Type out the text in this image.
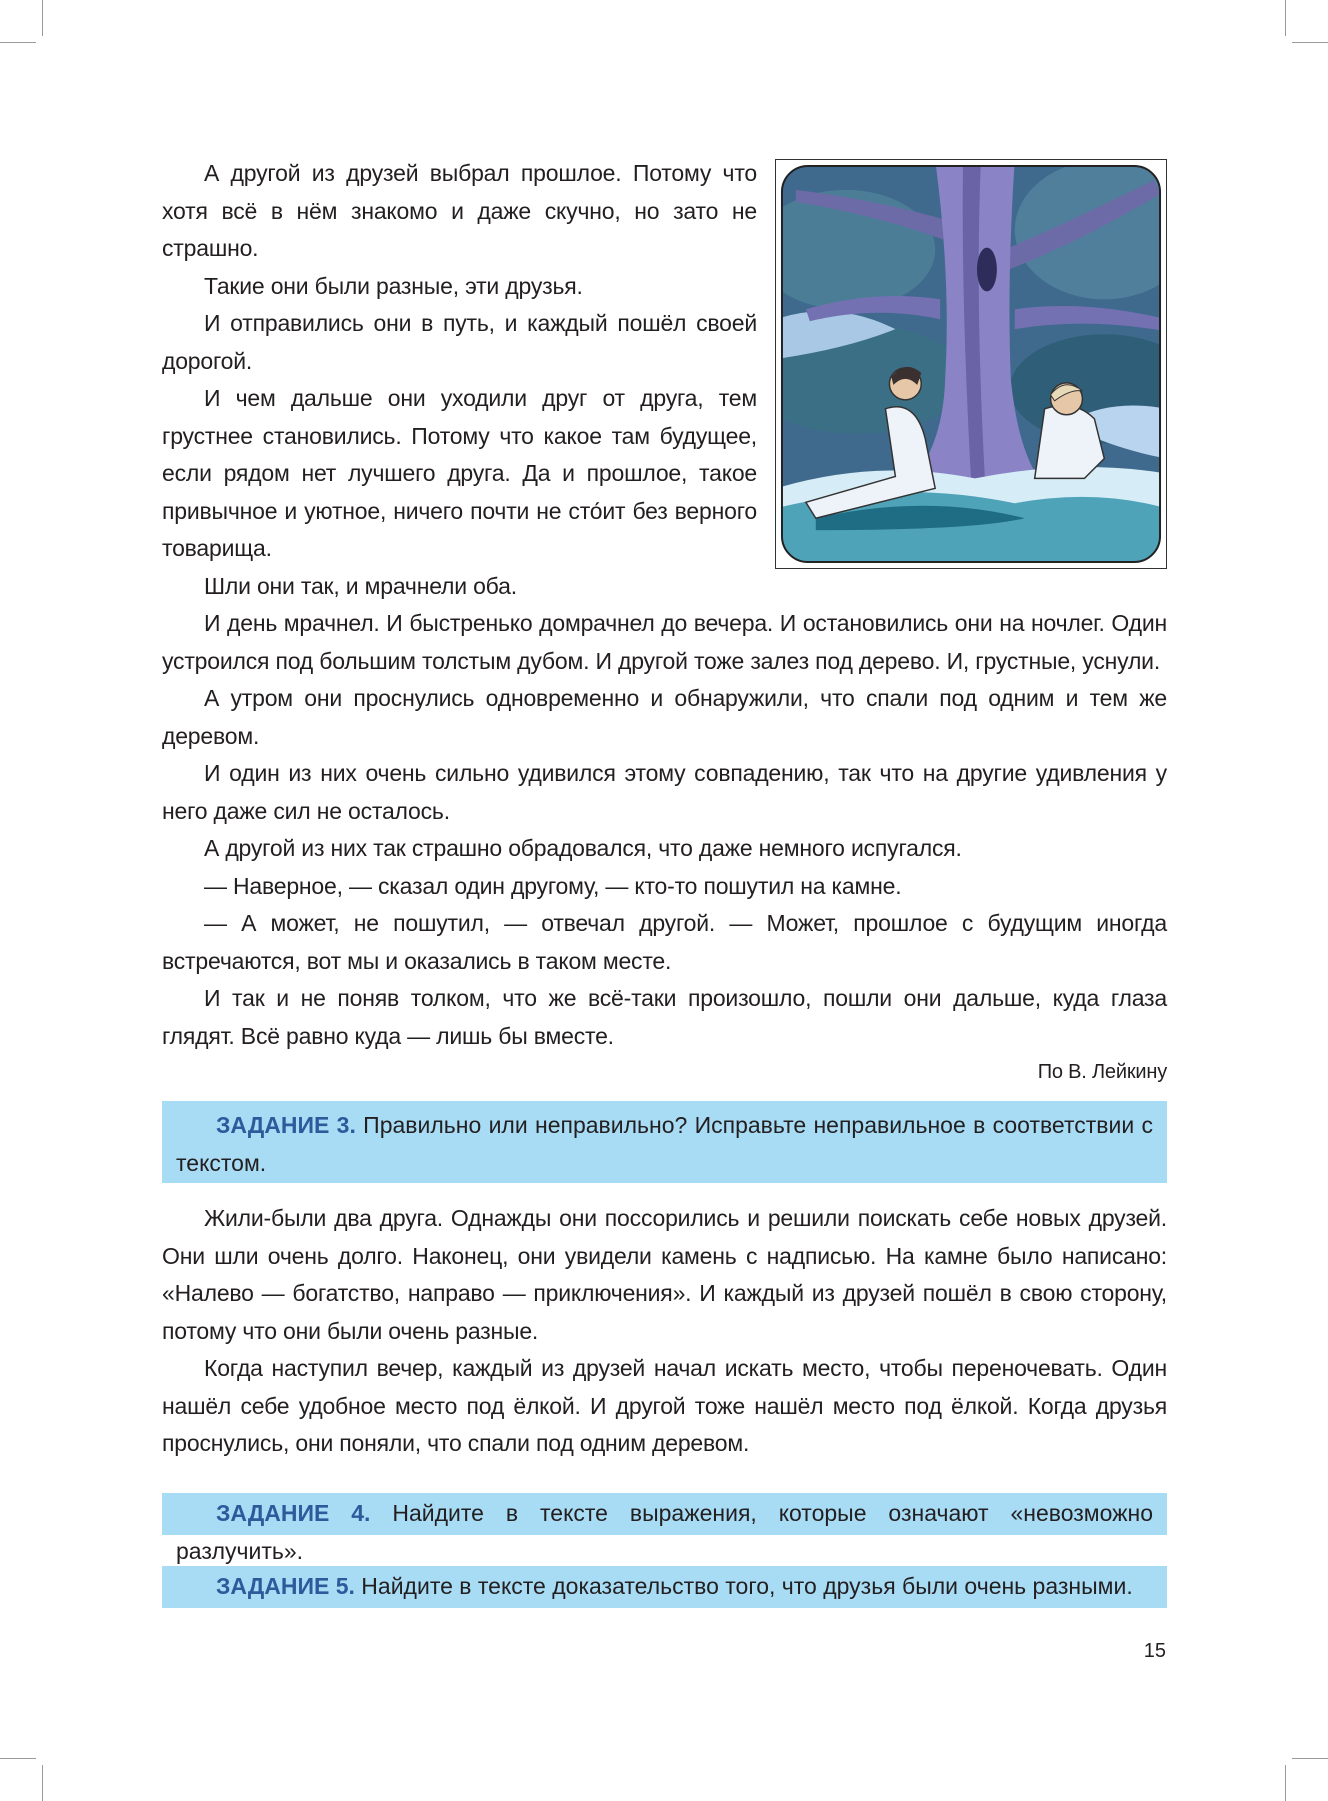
А другой из друзей выбрал прошлое. Потому что хотя всё в нём знакомо и даже скучно, но зато не страшно.

Такие они были разные, эти друзья.

И отправились они в путь, и каждый пошёл своей дорогой.

И чем дальше они уходили друг от друга, тем грустнее становились. Потому что какое там будущее, если рядом нет лучшего друга. Да и прошлое, такое привычное и уютное, ничего почти не сто́ит без верного товарища.

Шли они так, и мрачнели оба.

И день мрачнел. И быстренько домрачнел до вечера. И остановились они на ночлег. Один устроился под большим толстым дубом. И другой тоже залез под дерево. И, грустные, уснули.

А утром они проснулись одновременно и обнаружили, что спали под одним и тем же деревом.

И один из них очень сильно удивился этому совпадению, так что на другие удивления у него даже сил не осталось.

А другой из них так страшно обрадовался, что даже немного испугался.

— Наверное, — сказал один другому, — кто-то пошутил на камне.

— А может, не пошутил, — отвечал другой. — Может, прошлое с будущим иногда встречаются, вот мы и оказались в таком месте.

И так и не поняв толком, что же всё-таки произошло, пошли они дальше, куда глаза глядят. Всё равно куда — лишь бы вместе.

По В. Лейкину

ЗАДАНИЕ 3. Правильно или неправильно? Исправьте неправильное в соответствии с текстом.

Жили-были два друга. Однажды они поссорились и решили поискать себе новых друзей. Они шли очень долго. Наконец, они увидели камень с надписью. На камне было написано: «Налево — богатство, направо — приключения». И каждый из друзей пошёл в свою сторону, потому что они были очень разные.

Когда наступил вечер, каждый из друзей начал искать место, чтобы переночевать. Один нашёл себе удобное место под ёлкой. И другой тоже нашёл место под ёлкой. Когда друзья проснулись, они поняли, что спали под одним деревом.

ЗАДАНИЕ 4. Найдите в тексте выражения, которые означают «невозможно разлучить».

ЗАДАНИЕ 5. Найдите в тексте доказательство того, что друзья были очень разными.

15
